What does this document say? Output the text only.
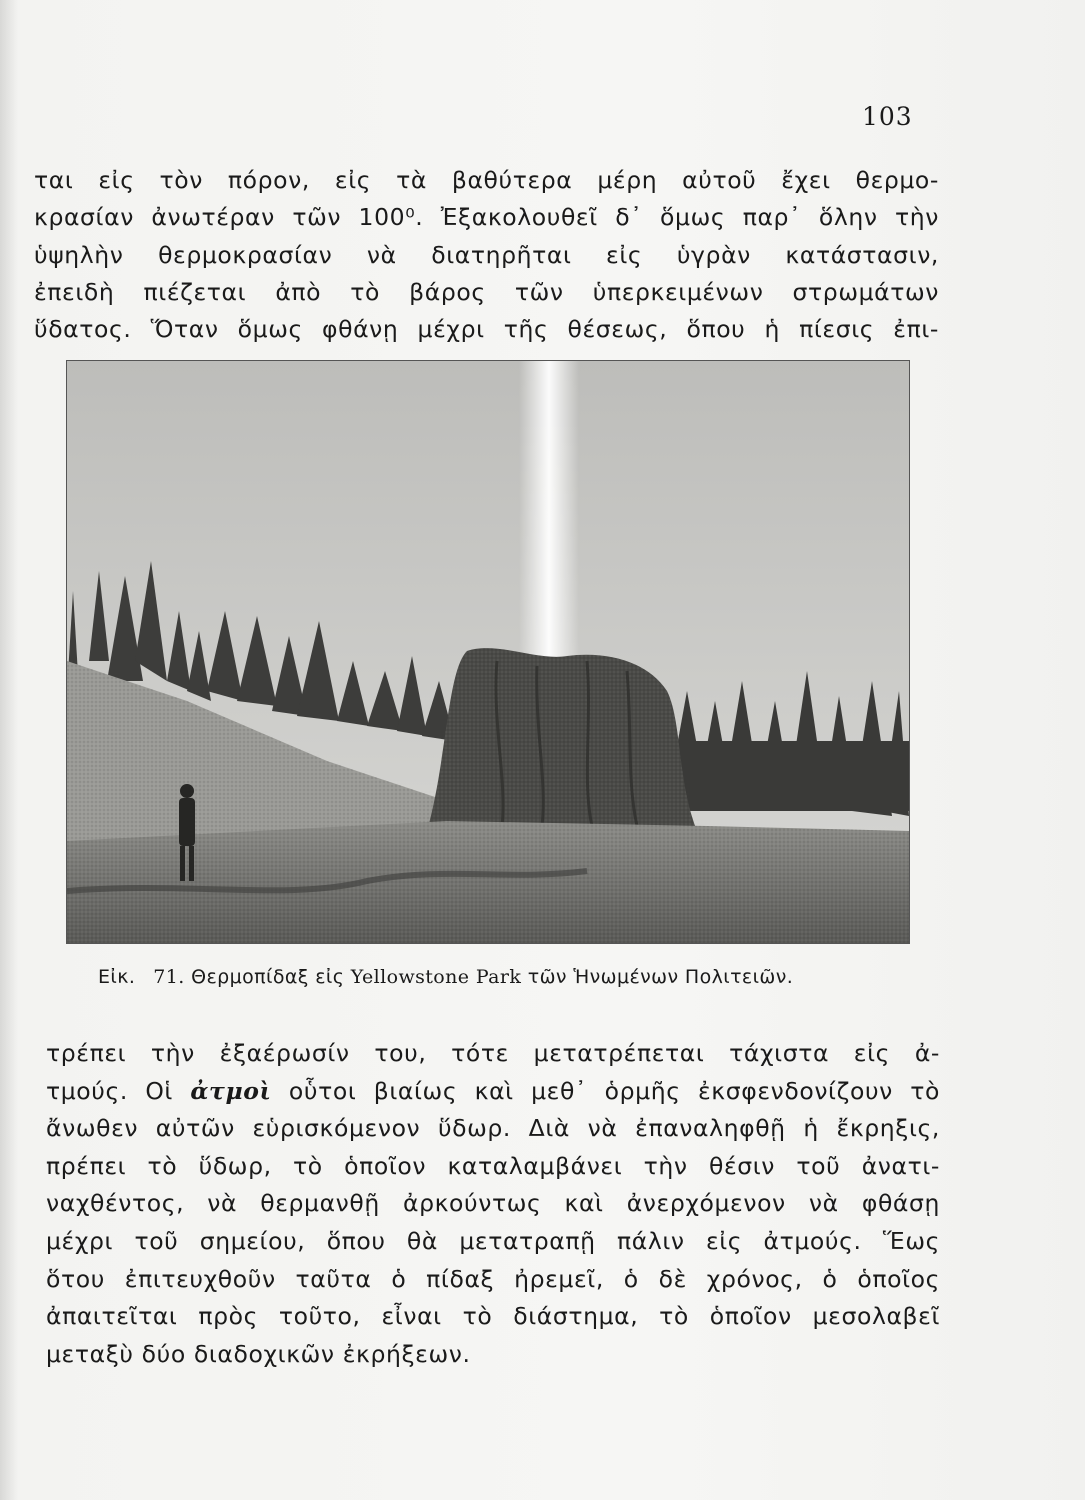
103
ται εἰς τὸν πόρον, εἰς τὰ βαθύτερα μέρη αὐτοῦ ἔχει θερμο-
κρασίαν ἀνωτέραν τῶν 100⁰. Ἐξακολουθεῖ δ᾽ ὅμως παρ᾽ ὅλην τὴν
ὑψηλὴν θερμοκρασίαν νὰ διατηρῆται εἰς ὑγρὰν κατάστασιν,
ἐπειδὴ πιέζεται ἀπὸ τὸ βάρος τῶν ὑπερκειμένων στρωμάτων
ὕδατος. Ὅταν ὅμως φθάνῃ μέχρι τῆς θέσεως, ὅπου ἡ πίεσις ἐπι-
Εἰκ. 71. Θερμοπίδαξ εἰς Yellowstone Park τῶν Ἡνωμένων Πολιτειῶν.
τρέπει τὴν ἐξαέρωσίν του, τότε μετατρέπεται τάχιστα εἰς ἀ-
τμούς. Οἱ ἀτμοὶ οὗτοι βιαίως καὶ μεθ᾽ ὁρμῆς ἐκσφενδονίζουν τὸ
ἄνωθεν αὐτῶν εὑρισκόμενον ὕδωρ. Διὰ νὰ ἐπαναληφθῇ ἡ ἔκρηξις,
πρέπει τὸ ὕδωρ, τὸ ὁποῖον καταλαμβάνει τὴν θέσιν τοῦ ἀνατι-
ναχθέντος, νὰ θερμανθῇ ἀρκούντως καὶ ἀνερχόμενον νὰ φθάσῃ
μέχρι τοῦ σημείου, ὅπου θὰ μετατραπῇ πάλιν εἰς ἀτμούς. Ἕως
ὅτου ἐπιτευχθοῦν ταῦτα ὁ πίδαξ ἠρεμεῖ, ὁ δὲ χρόνος, ὁ ὁποῖος
ἀπαιτεῖται πρὸς τοῦτο, εἶναι τὸ διάστημα, τὸ ὁποῖον μεσολαβεῖ
μεταξὺ δύο διαδοχικῶν ἐκρήξεων.
